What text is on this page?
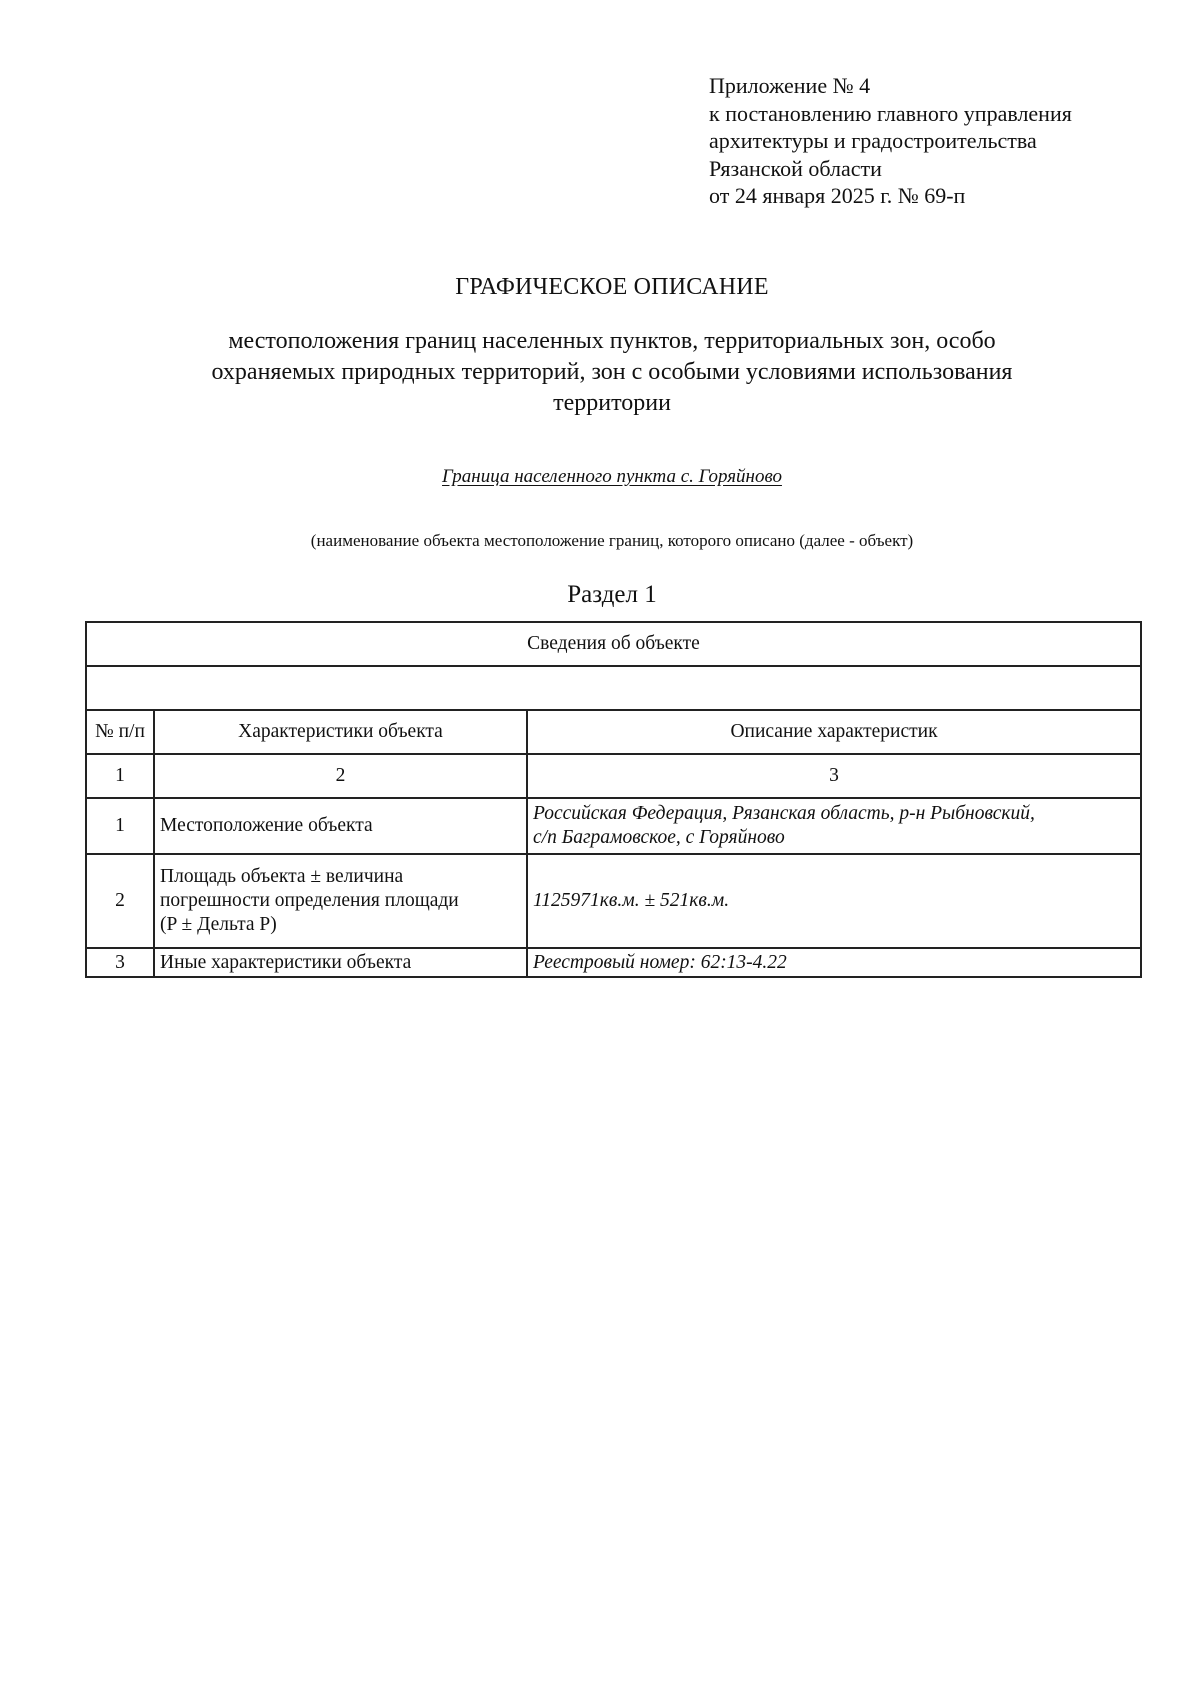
Приложение № 4
к постановлению главного управления
архитектуры и градостроительства
Рязанской области
от 24 января 2025 г. № 69-п
ГРАФИЧЕСКОЕ ОПИСАНИЕ
местоположения границ населенных пунктов, территориальных зон, особо
охраняемых природных территорий, зон с особыми условиями использования
территории
Граница населенного пункта с. Горяйново
(наименование объекта местоположение границ, которого описано (далее - объект)
Раздел 1
Сведения об объекте		

№ п/п	Характеристики объекта	Описание характеристик
1	2	3
1	Местоположение объекта	Российская Федерация, Рязанская область, р-н Рыбновский,
с/п Баграмовское, с Горяйново

2	Площадь объекта ± величина
погрешности определения площади
(P ± Дельта P)	1125971кв.м. ± 521кв.м.
3	Иные характеристики объекта	Реестровый номер: 62:13-4.22
